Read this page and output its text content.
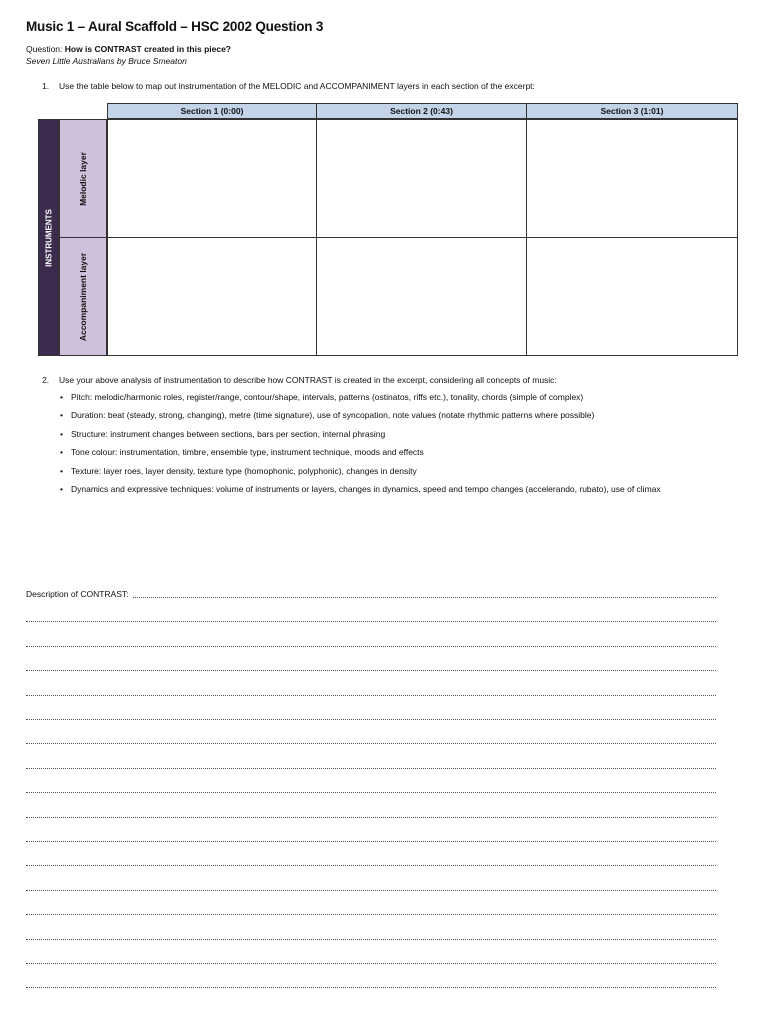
Music 1 – Aural Scaffold – HSC 2002 Question 3
Question: How is CONTRAST created in this piece?
Seven Little Australians by Bruce Smeaton
1. Use the table below to map out instrumentation of the MELODIC and ACCOMPANIMENT layers in each section of the excerpt:
Section 1 (0:00)	Section 2 (0:43)	Section 3 (1:01)
INSTRUMENTS
Melodic layer
Accompaniment layer
2. Use your above analysis of instrumentation to describe how CONTRAST is created in the excerpt, considering all concepts of music:
• Pitch: melodic/harmonic roles, register/range, contour/shape, intervals, patterns (ostinatos, riffs etc.), tonality, chords (simple of complex)
• Duration: beat (steady, strong, changing), metre (time signature), use of syncopation, note values (notate rhythmic patterns where possible)
• Structure: instrument changes between sections, bars per section, internal phrasing
• Tone colour: instrumentation, timbre, ensemble type, instrument technique, moods and effects
• Texture: layer roes, layer density, texture type (homophonic, polyphonic), changes in density
• Dynamics and expressive techniques: volume of instruments or layers, changes in dynamics, speed and tempo changes (accelerando, rubato), use of climax
Description of CONTRAST:
